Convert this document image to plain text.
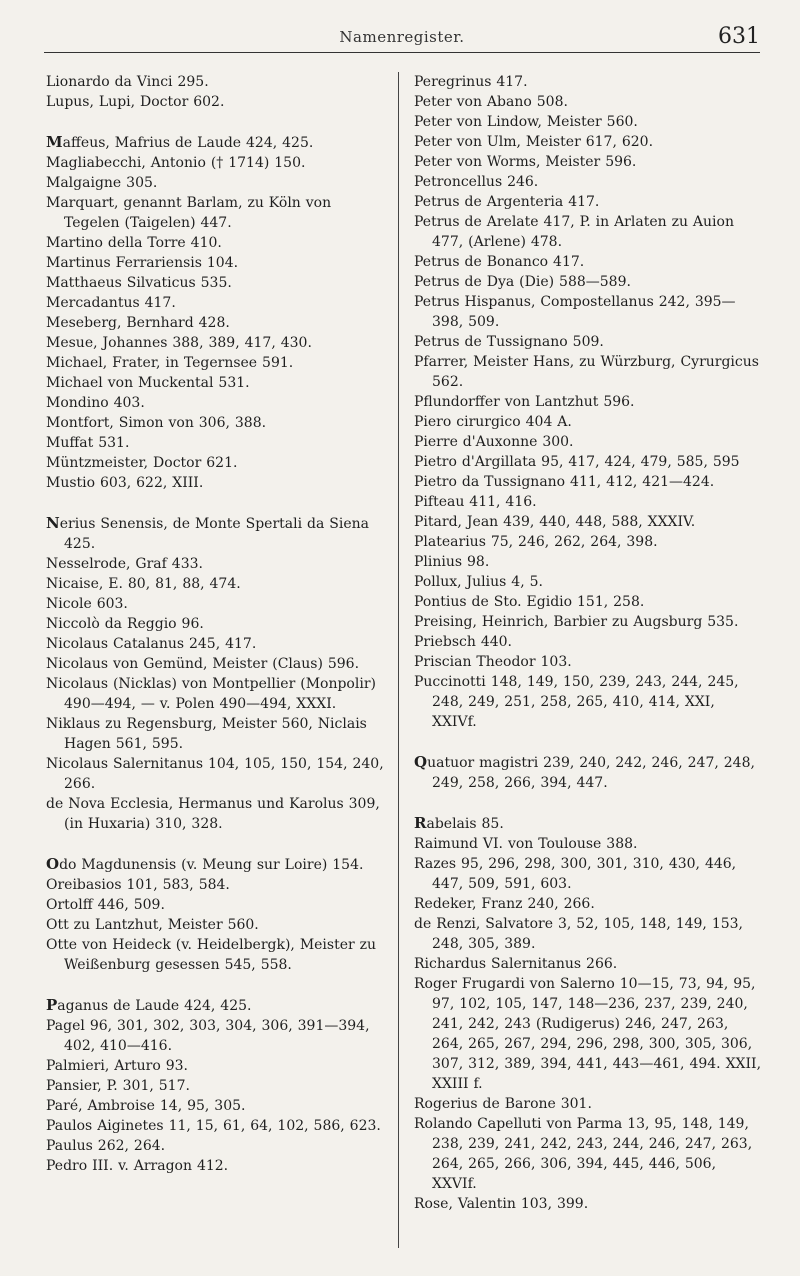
Namenregister.	631
Lionardo da Vinci 295.
Lupus, Lupi, Doctor 602.
Maffeus, Mafrius de Laude 424, 425.
Magliabecchi, Antonio († 1714) 150.
Malgaigne 305.
Marquart, genannt Barlam, zu Köln von Tegelen (Taigelen) 447.
Martino della Torre 410.
Martinus Ferrariensis 104.
Matthaeus Silvaticus 535.
Mercadantus 417.
Meseberg, Bernhard 428.
Mesue, Johannes 388, 389, 417, 430.
Michael, Frater, in Tegernsee 591.
Michael von Muckental 531.
Mondino 403.
Montfort, Simon von 306, 388.
Muffat 531.
Müntzmeister, Doctor 621.
Mustio 603, 622, XIII.
Nerius Senensis, de Monte Spertali da Siena 425.
Nesselrode, Graf 433.
Nicaise, E. 80, 81, 88, 474.
Nicole 603.
Niccolò da Reggio 96.
Nicolaus Catalanus 245, 417.
Nicolaus von Gemünd, Meister (Claus) 596.
Nicolaus (Nicklas) von Montpellier (Monpolir) 490—494, — v. Polen 490—494, XXXI.
Niklaus zu Regensburg, Meister 560, Niclais Hagen 561, 595.
Nicolaus Salernitanus 104, 105, 150, 154, 240, 266.
de Nova Ecclesia, Hermanus und Karolus 309, (in Huxaria) 310, 328.
Odo Magdunensis (v. Meung sur Loire) 154.
Oreibasios 101, 583, 584.
Ortolff 446, 509.
Ott zu Lantzhut, Meister 560.
Otte von Heideck (v. Heidelbergk), Meister zu Weißenburg gesessen 545, 558.
Paganus de Laude 424, 425.
Pagel 96, 301, 302, 303, 304, 306, 391—394, 402, 410—416.
Palmieri, Arturo 93.
Pansier, P. 301, 517.
Paré, Ambroise 14, 95, 305.
Paulos Aiginetes 11, 15, 61, 64, 102, 586, 623.
Paulus 262, 264.
Pedro III. v. Arragon 412.
Peregrinus 417.
Peter von Abano 508.
Peter von Lindow, Meister 560.
Peter von Ulm, Meister 617, 620.
Peter von Worms, Meister 596.
Petroncellus 246.
Petrus de Argenteria 417.
Petrus de Arelate 417, P. in Arlaten zu Auion 477, (Arlene) 478.
Petrus de Bonanco 417.
Petrus de Dya (Die) 588—589.
Petrus Hispanus, Compostellanus 242, 395—398, 509.
Petrus de Tussignano 509.
Pfarrer, Meister Hans, zu Würzburg, Cyrurgicus 562.
Pflundorffer von Lantzhut 596.
Piero cirurgico 404 A.
Pierre d'Auxonne 300.
Pietro d'Argillata 95, 417, 424, 479, 585, 595
Pietro da Tussignano 411, 412, 421—424.
Pifteau 411, 416.
Pitard, Jean 439, 440, 448, 588, XXXIV.
Platearius 75, 246, 262, 264, 398.
Plinius 98.
Pollux, Julius 4, 5.
Pontius de Sto. Egidio 151, 258.
Preising, Heinrich, Barbier zu Augsburg 535.
Priebsch 440.
Priscian Theodor 103.
Puccinotti 148, 149, 150, 239, 243, 244, 245, 248, 249, 251, 258, 265, 410, 414, XXI, XXIVf.
Quatuor magistri 239, 240, 242, 246, 247, 248, 249, 258, 266, 394, 447.
Rabelais 85.
Raimund VI. von Toulouse 388.
Razes 95, 296, 298, 300, 301, 310, 430, 446, 447, 509, 591, 603.
Redeker, Franz 240, 266.
de Renzi, Salvatore 3, 52, 105, 148, 149, 153, 248, 305, 389.
Richardus Salernitanus 266.
Roger Frugardi von Salerno 10—15, 73, 94, 95, 97, 102, 105, 147, 148—236, 237, 239, 240, 241, 242, 243 (Rudigerus) 246, 247, 263, 264, 265, 267, 294, 296, 298, 300, 305, 306, 307, 312, 389, 394, 441, 443—461, 494. XXII, XXIII f.
Rogerius de Barone 301.
Rolando Capelluti von Parma 13, 95, 148, 149, 238, 239, 241, 242, 243, 244, 246, 247, 263, 264, 265, 266, 306, 394, 445, 446, 506, XXVIf.
Rose, Valentin 103, 399.
